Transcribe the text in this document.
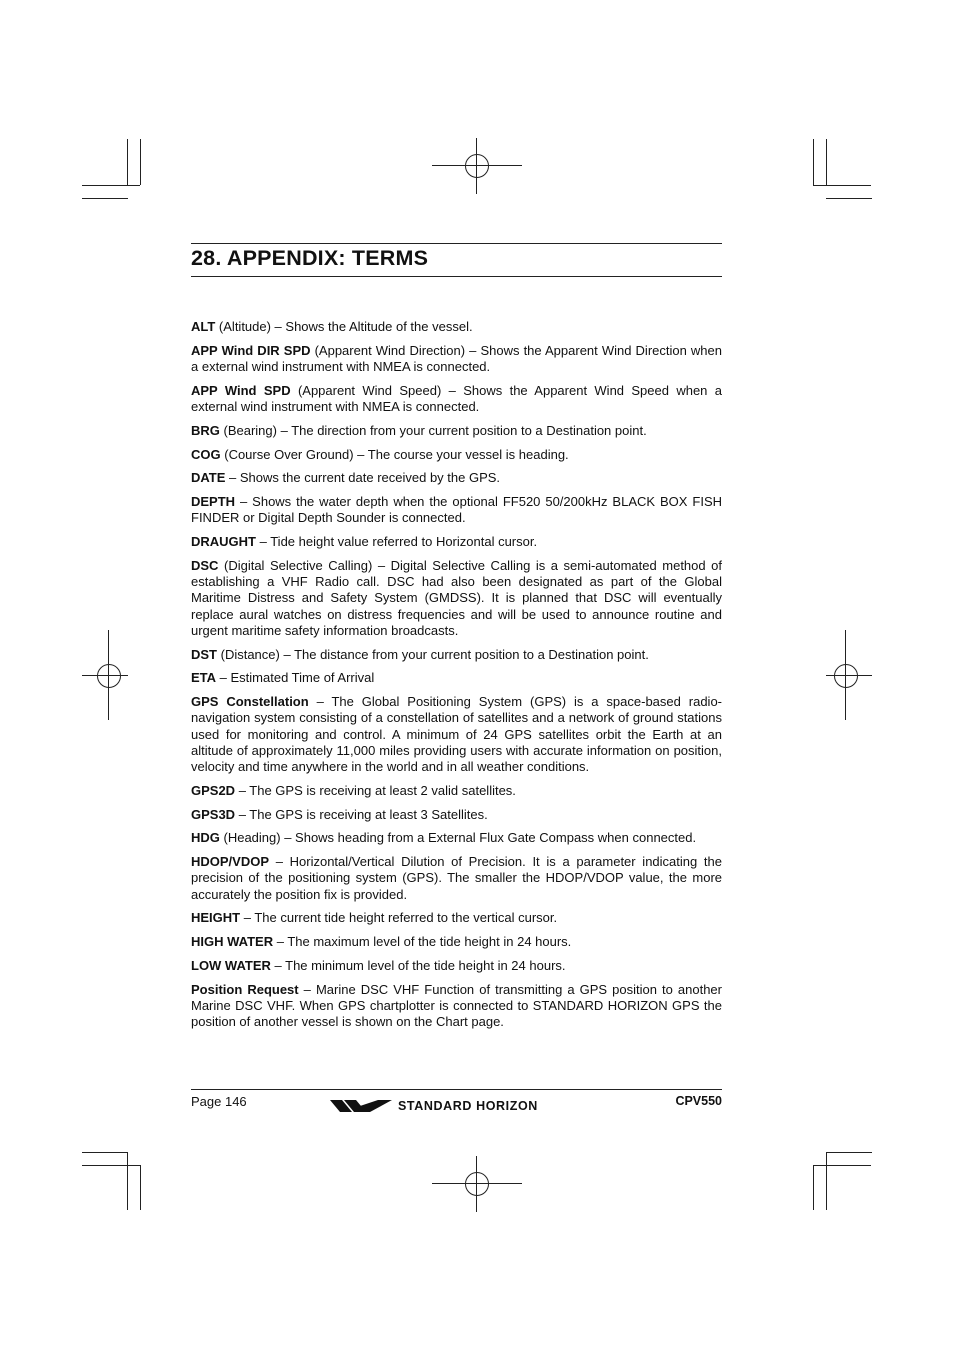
28. APPENDIX: TERMS

ALT (Altitude) – Shows the Altitude of the vessel.

APP Wind DIR SPD (Apparent Wind Direction) – Shows the Apparent Wind Direction when a external wind instrument with NMEA is connected.

APP Wind SPD (Apparent Wind Speed) – Shows the Apparent Wind Speed when a external wind instrument with NMEA is connected.

BRG (Bearing) – The direction from your current position to a Destination point.

COG (Course Over Ground) – The course your vessel is heading.

DATE – Shows the current date received by the GPS.

DEPTH – Shows the water depth when the optional FF520 50/200kHz BLACK BOX FISH FINDER or Digital Depth Sounder is connected.

DRAUGHT – Tide height value referred to Horizontal cursor.

DSC (Digital Selective Calling) – Digital Selective Calling is a semi-automated method of establishing a VHF Radio call. DSC had also been designated as part of the Global Maritime Distress and Safety System (GMDSS). It is planned that DSC will eventually replace aural watches on distress frequencies and will be used to announce routine and urgent maritime safety information broadcasts.

DST (Distance) – The distance from your current position to a Destination point.

ETA – Estimated Time of Arrival

GPS Constellation – The Global Positioning System (GPS) is a space-based radio-navigation system consisting of a constellation of satellites and a network of ground stations used for monitoring and control. A minimum of 24 GPS satellites orbit the Earth at an altitude of approximately 11,000 miles providing users with accurate information on position, velocity and time anywhere in the world and in all weather conditions.

GPS2D – The GPS is receiving at least 2 valid satellites.

GPS3D – The GPS is receiving at least 3 Satellites.

HDG (Heading) – Shows heading from a External Flux Gate Compass when connected.

HDOP/VDOP – Horizontal/Vertical Dilution of Precision. It is a parameter indicating the precision of the positioning system (GPS). The smaller the HDOP/VDOP value, the more accurately the position fix is provided.

HEIGHT – The current tide height referred to the vertical cursor.

HIGH WATER – The maximum level of the tide height in 24 hours.

LOW WATER – The minimum level of the tide height in 24 hours.

Position Request – Marine DSC VHF Function of transmitting a GPS position to another Marine DSC VHF. When GPS chartplotter is connected to STANDARD HORIZON GPS the position of another vessel is shown on the Chart page.

Page 146	STANDARD HORIZON	CPV550
